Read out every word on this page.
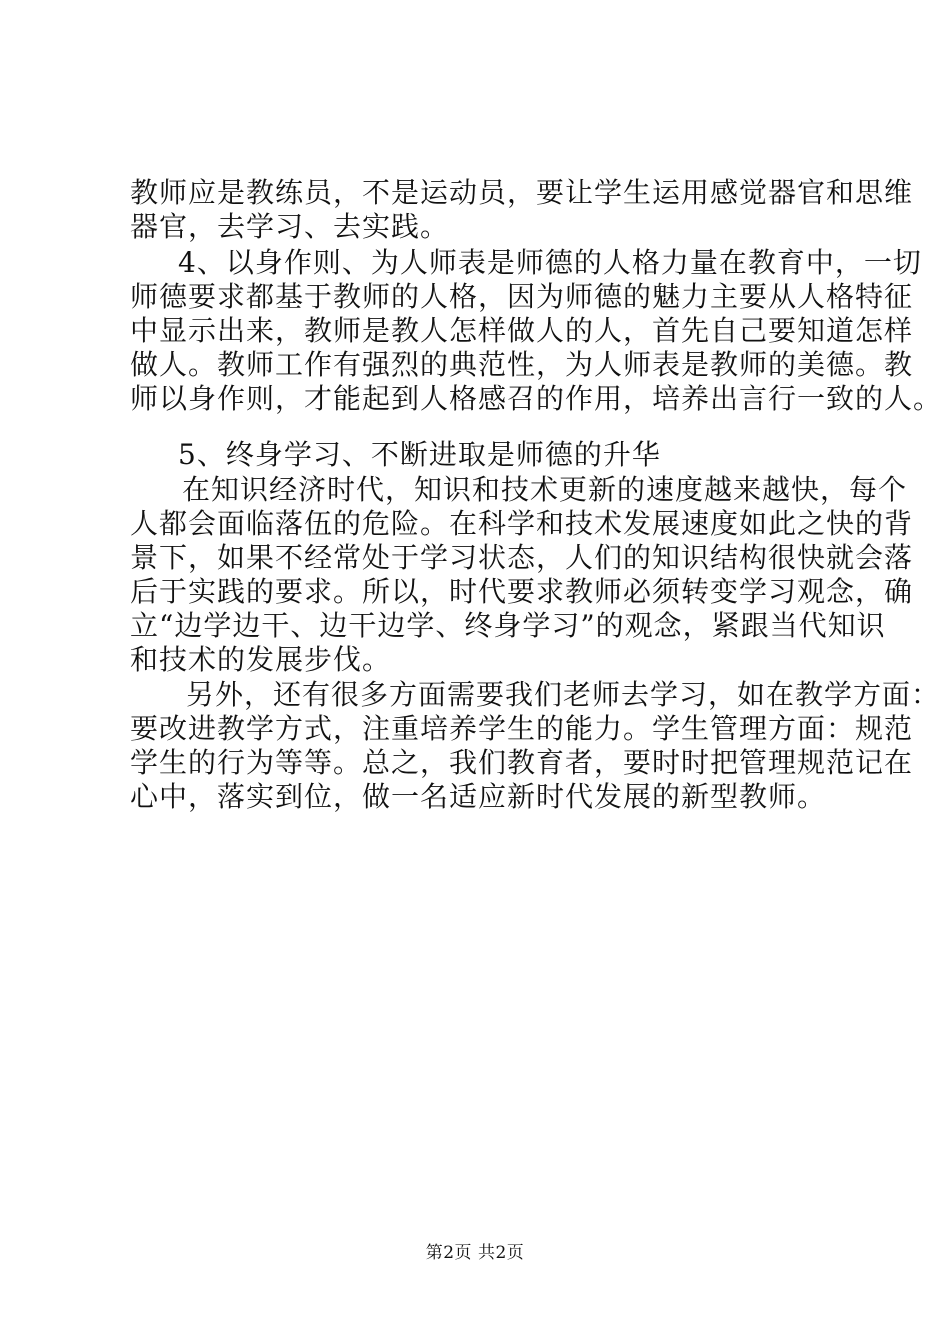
教师应是教练员，不是运动员，要让学生运用感觉器官和思维
器官，去学习、去实践。
4、以身作则、为人师表是师德的人格力量在教育中，一切
师德要求都基于教师的人格，因为师德的魅力主要从人格特征
中显示出来，教师是教人怎样做人的人，首先自己要知道怎样
做人。教师工作有强烈的典范性，为人师表是教师的美德。教
师以身作则，才能起到人格感召的作用，培养出言行一致的人。
5、终身学习、不断进取是师德的升华
在知识经济时代，知识和技术更新的速度越来越快，每个
人都会面临落伍的危险。在科学和技术发展速度如此之快的背
景下，如果不经常处于学习状态，人们的知识结构很快就会落
后于实践的要求。所以，时代要求教师必须转变学习观念，确
立“边学边干、边干边学、终身学习”的观念，紧跟当代知识
和技术的发展步伐。
另外，还有很多方面需要我们老师去学习，如在教学方面：
要改进教学方式，注重培养学生的能力。学生管理方面：规范
学生的行为等等。总之，我们教育者，要时时把管理规范记在
心中，落实到位，做一名适应新时代发展的新型教师。
第2页 共2页
